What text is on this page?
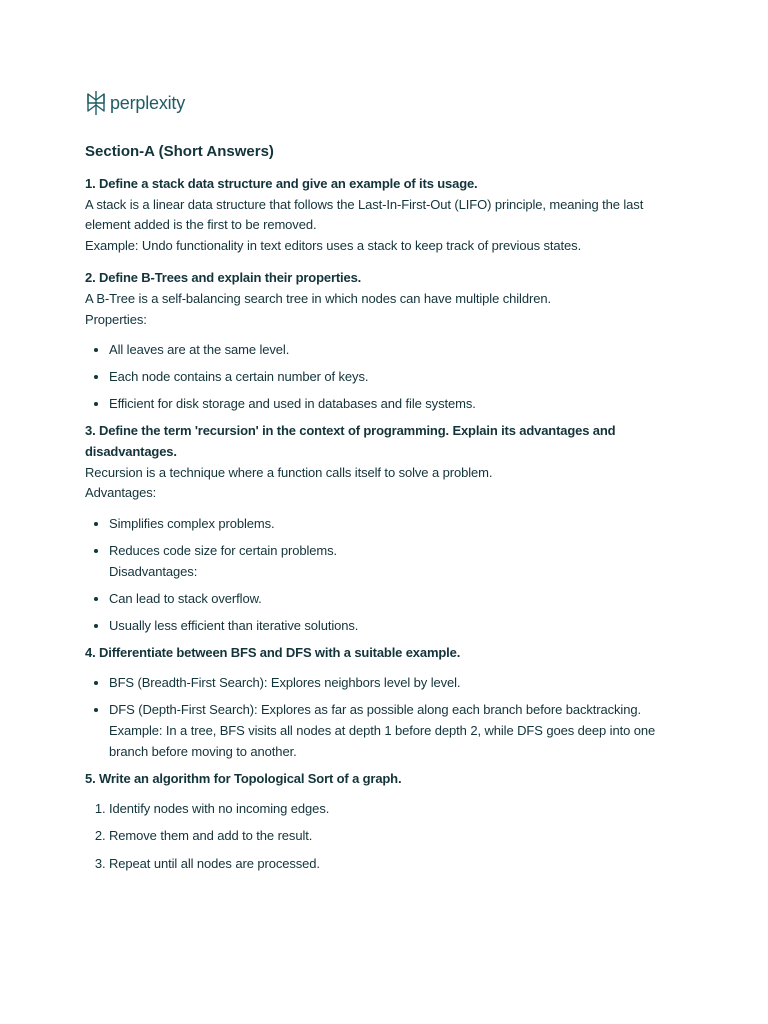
perplexity
Section-A (Short Answers)
1. Define a stack data structure and give an example of its usage.
A stack is a linear data structure that follows the Last-In-First-Out (LIFO) principle, meaning the last element added is the first to be removed.
Example: Undo functionality in text editors uses a stack to keep track of previous states.
2. Define B-Trees and explain their properties.
A B-Tree is a self-balancing search tree in which nodes can have multiple children.
Properties:
• All leaves are at the same level.
• Each node contains a certain number of keys.
• Efficient for disk storage and used in databases and file systems.
3. Define the term 'recursion' in the context of programming. Explain its advantages and disadvantages.
Recursion is a technique where a function calls itself to solve a problem.
Advantages:
• Simplifies complex problems.
• Reduces code size for certain problems.
Disadvantages:
• Can lead to stack overflow.
• Usually less efficient than iterative solutions.
4. Differentiate between BFS and DFS with a suitable example.
• BFS (Breadth-First Search): Explores neighbors level by level.
• DFS (Depth-First Search): Explores as far as possible along each branch before backtracking.
Example: In a tree, BFS visits all nodes at depth 1 before depth 2, while DFS goes deep into one branch before moving to another.
5. Write an algorithm for Topological Sort of a graph.
1. Identify nodes with no incoming edges.
2. Remove them and add to the result.
3. Repeat until all nodes are processed.
